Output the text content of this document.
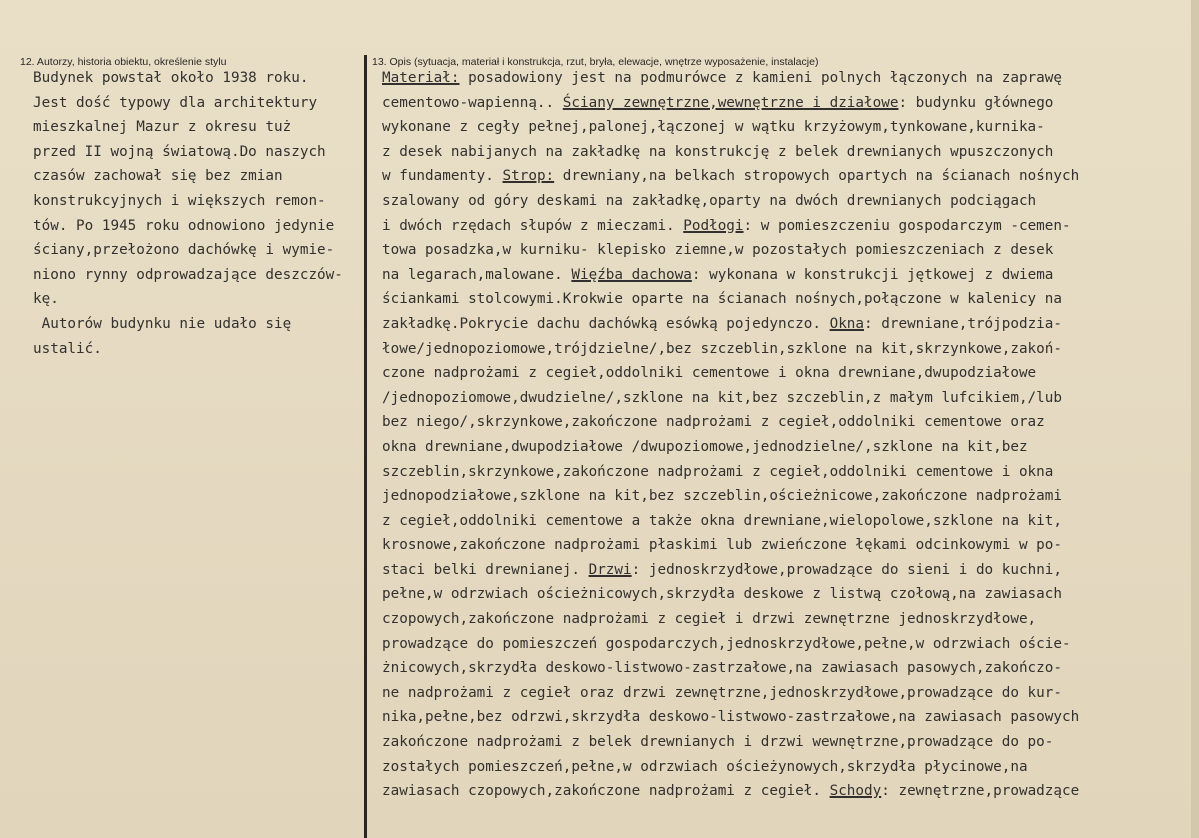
12. Autorzy, historia obiektu, określenie stylu	13. Opis (sytuacja, materiał i konstrukcja, rzut, bryła, elewacje, wnętrze wyposażenie, instalacje)
Budynek powstał około 1938 roku.
Jest dość typowy dla architektury
mieszkalnej Mazur z okresu tuż
przed II wojną światową.Do naszych
czasów zachował się bez zmian
konstrukcyjnych i większych remon-
tów. Po 1945 roku odnowiono jedynie
ściany,przełożono dachówkę i wymie-
niono rynny odprowadzające deszczów-
kę.
Autorów budynku nie udało się
ustalić.
Materiał: posadowiony jest na podmurówce z kamieni polnych łączonych na zaprawę
cementowo-wapienną.. Ściany zewnętrzne,wewnętrzne i działowe: budynku głównego
wykonane z cegły pełnej,palonej,łączonej w wątku krzyżowym,tynkowane,kurnika-
z desek nabijanych na zakładkę na konstrukcję z belek drewnianych wpuszczonych
w fundamenty. Strop: drewniany,na belkach stropowych opartych na ścianach nośnych
szalowany od góry deskami na zakładkę,oparty na dwóch drewnianych podciągach
i dwóch rzędach słupów z mieczami. Podłogi: w pomieszczeniu gospodarczym -cemen-
towa posadzka,w kurniku- klepisko ziemne,w pozostałych pomieszczeniach z desek
na legarach,malowane. Więźba dachowa: wykonana w konstrukcji jętkowej z dwiema
ściankami stolcowymi.Krokwie oparte na ścianach nośnych,połączone w kalenicy na
zakładkę.Pokrycie dachu dachówką esówką pojedynczo. Okna: drewniane,trójpodzia-
łowe/jednopoziomowe,trójdzielne/,bez szczeblin,szklone na kit,skrzynkowe,zakoń-
czone nadprożami z cegieł,oddolniki cementowe i okna drewniane,dwupodziałowe
/jednopoziomowe,dwudzielne/,szklone na kit,bez szczeblin,z małym lufcikiem,/lub
bez niego/,skrzynkowe,zakończone nadprożami z cegieł,oddolniki cementowe oraz
okna drewniane,dwupodziałowe /dwupoziomowe,jednodzielne/,szklone na kit,bez
szczeblin,skrzynkowe,zakończone nadprożami z cegieł,oddolniki cementowe i okna
jednopodziałowe,szklone na kit,bez szczeblin,ościeżnicowe,zakończone nadprożami
z cegieł,oddolniki cementowe a także okna drewniane,wielopolowe,szklone na kit,
krosnowe,zakończone nadprożami płaskimi lub zwieńczone łękami odcinkowymi w po-
staci belki drewnianej. Drzwi: jednoskrzydłowe,prowadzące do sieni i do kuchni,
pełne,w odrzwiach ościeżnicowych,skrzydła deskowe z listwą czołową,na zawiasach
czopowych,zakończone nadprożami z cegieł i drzwi zewnętrzne jednoskrzydłowe,
prowadzące do pomieszczeń gospodarczych,jednoskrzydłowe,pełne,w odrzwiach oście-
żnicowych,skrzydła deskowo-listwowo-zastrzałowe,na zawiasach pasowych,zakończo-
ne nadprożami z cegieł oraz drzwi zewnętrzne,jednoskrzydłowe,prowadzące do kur-
nika,pełne,bez odrzwi,skrzydła deskowo-listwowo-zastrzałowe,na zawiasach pasowych
zakończone nadprożami z belek drewnianych i drzwi wewnętrzne,prowadzące do po-
zostałych pomieszczeń,pełne,w odrzwiach ościeżynowych,skrzydła płycinowe,na
zawiasach czopowych,zakończone nadprożami z cegieł. Schody: zewnętrzne,prowadzące
